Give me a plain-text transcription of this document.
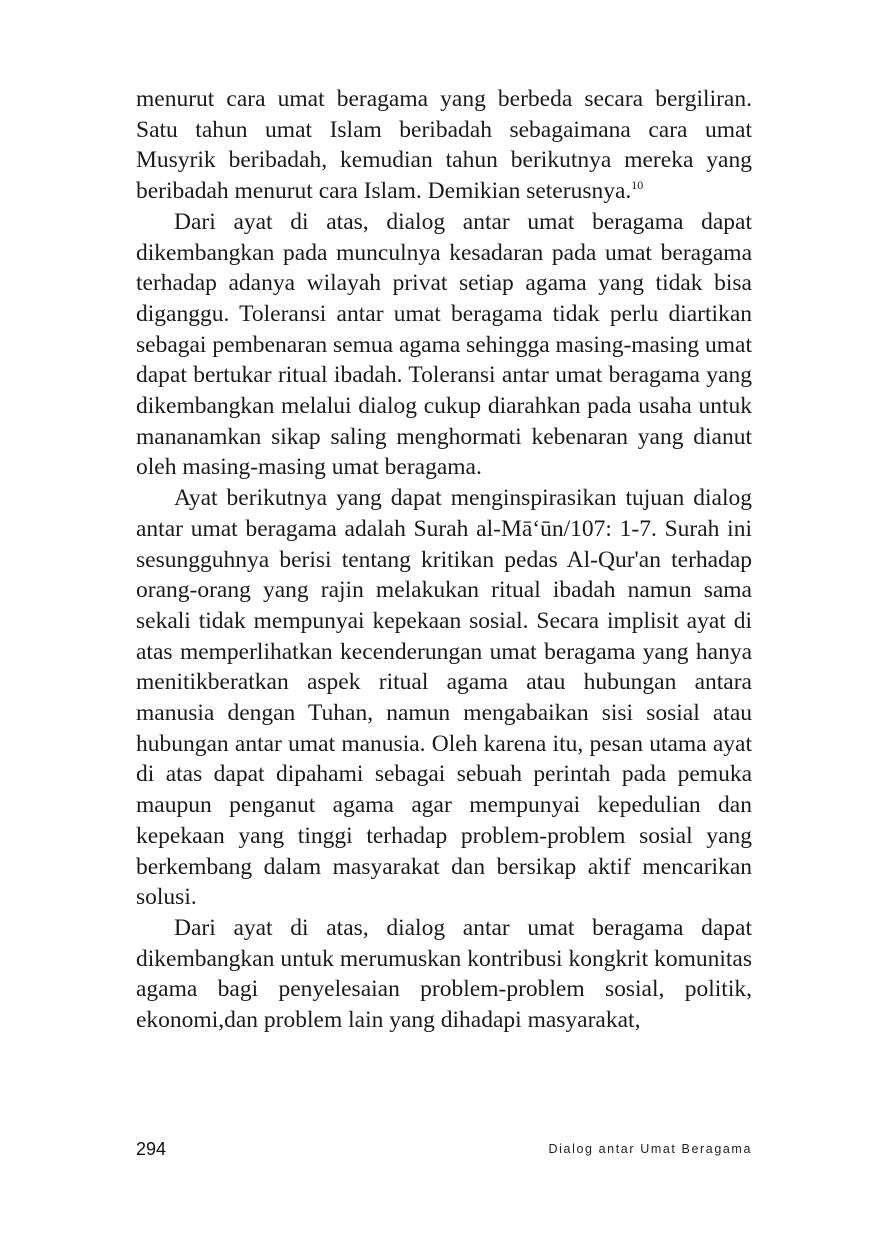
menurut cara umat beragama yang berbeda secara bergiliran. Satu tahun umat Islam beribadah sebagaimana cara umat Musyrik beribadah, kemudian tahun berikutnya mereka yang beribadah menurut cara Islam. Demikian seterusnya.$^{10}$

Dari ayat di atas, dialog antar umat beragama dapat dikembangkan pada munculnya kesadaran pada umat beragama terhadap adanya wilayah privat setiap agama yang tidak bisa diganggu. Toleransi antar umat beragama tidak perlu diartikan sebagai pembenaran semua agama sehingga masing-masing umat dapat bertukar ritual ibadah. Toleransi antar umat beragama yang dikembangkan melalui dialog cukup diarahkan pada usaha untuk mananamkan sikap saling menghormati kebenaran yang dianut oleh masing-masing umat beragama.

Ayat berikutnya yang dapat menginspirasikan tujuan dialog antar umat beragama adalah Surah al-Mā‘ūn/107: 1-7. Surah ini sesungguhnya berisi tentang kritikan pedas Al-Qur'an terhadap orang-orang yang rajin melakukan ritual ibadah namun sama sekali tidak mempunyai kepekaan sosial. Secara implisit ayat di atas memperlihatkan kecenderungan umat beragama yang hanya menitikberatkan aspek ritual agama atau hubungan antara manusia dengan Tuhan, namun mengabaikan sisi sosial atau hubungan antar umat manusia. Oleh karena itu, pesan utama ayat di atas dapat dipahami sebagai sebuah perintah pada pemuka maupun penganut agama agar mempunyai kepedulian dan kepekaan yang tinggi terhadap problem-problem sosial yang berkembang dalam masyarakat dan bersikap aktif mencarikan solusi.

Dari ayat di atas, dialog antar umat beragama dapat dikembangkan untuk merumuskan kontribusi kongkrit komunitas agama bagi penyelesaian problem-problem sosial, politik, ekonomi,dan problem lain yang dihadapi masyarakat,

294	Dialog antar Umat Beragama
